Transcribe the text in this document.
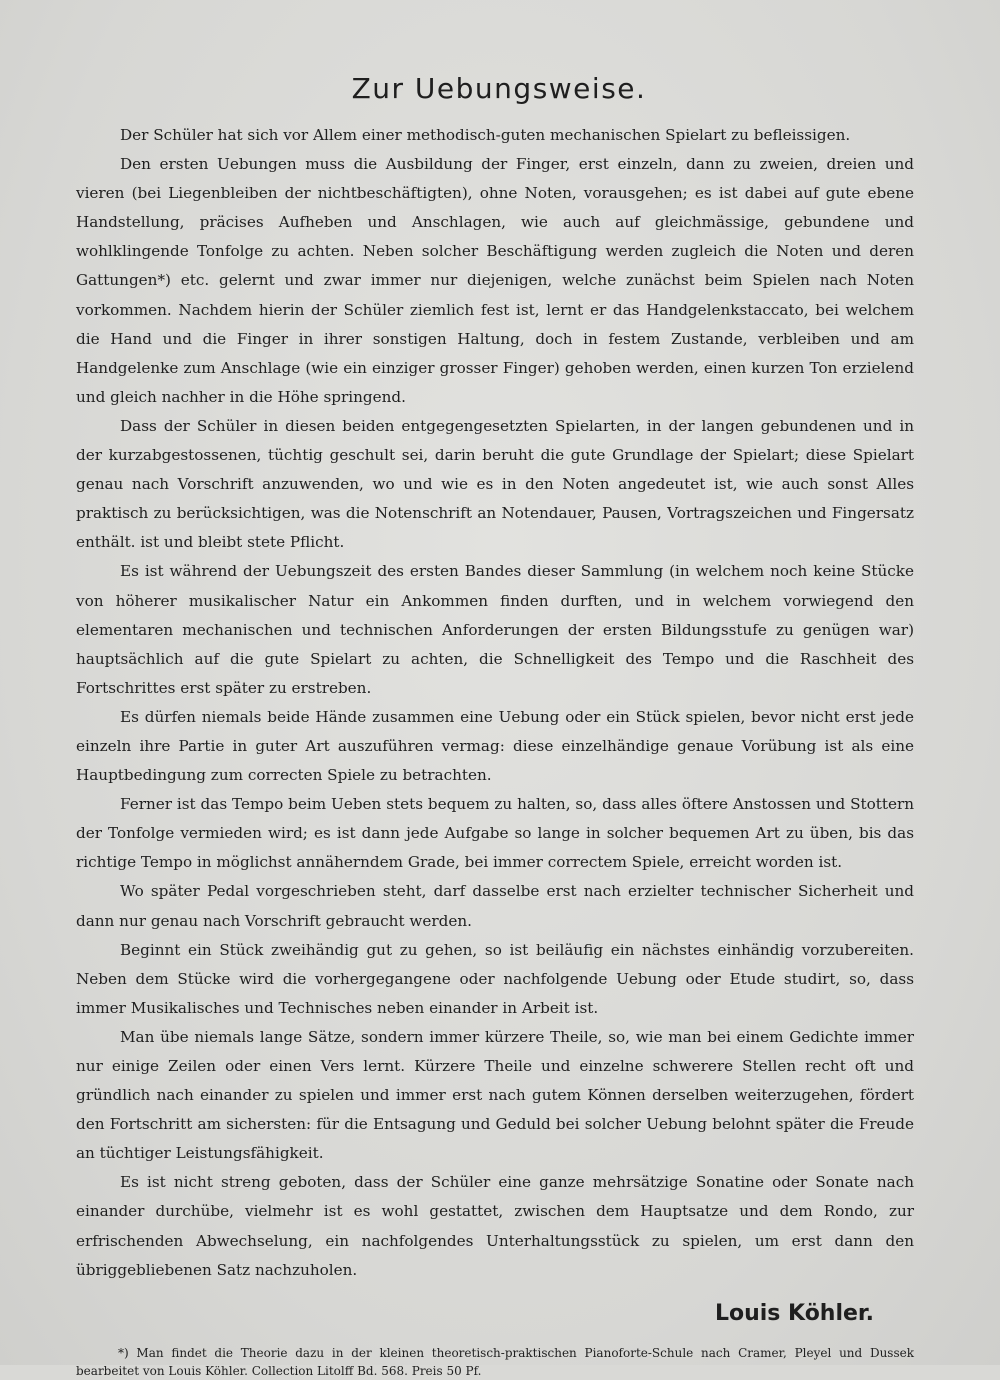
Zur Uebungsweise.

Der Schüler hat sich vor Allem einer methodisch-guten mechanischen Spielart zu befleissigen.

Den ersten Uebungen muss die Ausbildung der Finger, erst einzeln, dann zu zweien, dreien und vieren (bei Liegenbleiben der nichtbeschäftigten), ohne Noten, vorausgehen; es ist dabei auf gute ebene Handstellung, präcises Aufheben und Anschlagen, wie auch auf gleichmässige, gebundene und wohlklingende Tonfolge zu achten. Neben solcher Beschäftigung werden zugleich die Noten und deren Gattungen*) etc. gelernt und zwar immer nur diejenigen, welche zunächst beim Spielen nach Noten vorkommen. Nachdem hierin der Schüler ziemlich fest ist, lernt er das Handgelenkstaccato, bei welchem die Hand und die Finger in ihrer sonstigen Haltung, doch in festem Zustande, verbleiben und am Handgelenke zum Anschlage (wie ein einziger grosser Finger) gehoben werden, einen kurzen Ton erzielend und gleich nachher in die Höhe springend.

Dass der Schüler in diesen beiden entgegengesetzten Spielarten, in der langen gebundenen und in der kurzabgestossenen, tüchtig geschult sei, darin beruht die gute Grundlage der Spielart; diese Spielart genau nach Vorschrift anzuwenden, wo und wie es in den Noten angedeutet ist, wie auch sonst Alles praktisch zu berücksichtigen, was die Notenschrift an Notendauer, Pausen, Vortragszeichen und Fingersatz enthält. ist und bleibt stete Pflicht.

Es ist während der Uebungszeit des ersten Bandes dieser Sammlung (in welchem noch keine Stücke von höherer musikalischer Natur ein Ankommen finden durften, und in welchem vorwiegend den elementaren mechanischen und technischen Anforderungen der ersten Bildungsstufe zu genügen war) hauptsächlich auf die gute Spielart zu achten, die Schnelligkeit des Tempo und die Raschheit des Fortschrittes erst später zu erstreben.

Es dürfen niemals beide Hände zusammen eine Uebung oder ein Stück spielen, bevor nicht erst jede einzeln ihre Partie in guter Art auszuführen vermag: diese einzelhändige genaue Vorübung ist als eine Hauptbedingung zum correcten Spiele zu betrachten.

Ferner ist das Tempo beim Ueben stets bequem zu halten, so, dass alles öftere Anstossen und Stottern der Tonfolge vermieden wird; es ist dann jede Aufgabe so lange in solcher bequemen Art zu üben, bis das richtige Tempo in möglichst annäherndem Grade, bei immer correctem Spiele, erreicht worden ist.

Wo später Pedal vorgeschrieben steht, darf dasselbe erst nach erzielter technischer Sicherheit und dann nur genau nach Vorschrift gebraucht werden.

Beginnt ein Stück zweihändig gut zu gehen, so ist beiläufig ein nächstes einhändig vorzubereiten. Neben dem Stücke wird die vorhergegangene oder nachfolgende Uebung oder Etude studirt, so, dass immer Musikalisches und Technisches neben einander in Arbeit ist.

Man übe niemals lange Sätze, sondern immer kürzere Theile, so, wie man bei einem Gedichte immer nur einige Zeilen oder einen Vers lernt. Kürzere Theile und einzelne schwerere Stellen recht oft und gründlich nach einander zu spielen und immer erst nach gutem Können derselben weiterzugehen, fördert den Fortschritt am sichersten: für die Entsagung und Geduld bei solcher Uebung belohnt später die Freude an tüchtiger Leistungsfähigkeit.

Es ist nicht streng geboten, dass der Schüler eine ganze mehrsätzige Sonatine oder Sonate nach einander durchübe, vielmehr ist es wohl gestattet, zwischen dem Hauptsatze und dem Rondo, zur erfrischenden Abwechselung, ein nachfolgendes Unterhaltungsstück zu spielen, um erst dann den übriggebliebenen Satz nachzuholen.

Louis Köhler.

*) Man findet die Theorie dazu in der kleinen theoretisch-praktischen Pianoforte-Schule nach Cramer, Pleyel und Dussek bearbeitet von Louis Köhler. Collection Litolff Bd. 568. Preis 50 Pf.
